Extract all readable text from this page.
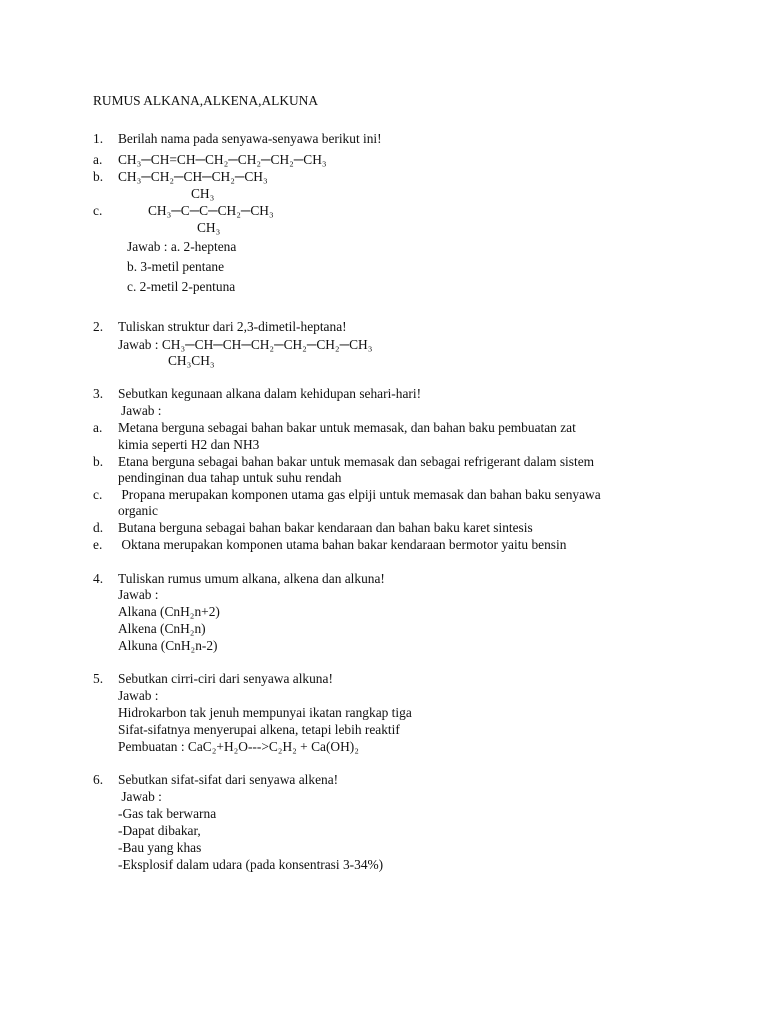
RUMUS ALKANA,ALKENA,ALKUNA
1. Berilah nama pada senyawa-senyawa berikut ini!
a. CH₃─CH=CH─CH₂─CH₂─CH₂─CH₃
b. CH₃─CH₂─CH─CH₂─CH₃
CH₃
c.	CH₃─C─C─CH₂─CH₃
CH₃
Jawab : a. 2-heptena
b. 3-metil pentane
c. 2-metil 2-pentuna
2. Tuliskan struktur dari 2,3-dimetil-heptana!
Jawab : CH₃─CH─CH─CH₂─CH₂─CH₂─CH₃
CH₃CH₃
3. Sebutkan kegunaan alkana dalam kehidupan sehari-hari!
Jawab :
a. Metana berguna sebagai bahan bakar untuk memasak, dan bahan baku pembuatan zat
kimia seperti H2 dan NH3
b. Etana berguna sebagai bahan bakar untuk memasak dan sebagai refrigerant dalam sistem
pendinginan dua tahap untuk suhu rendah
c. Propana merupakan komponen utama gas elpiji untuk memasak dan bahan baku senyawa
organic
d. Butana berguna sebagai bahan bakar kendaraan dan bahan baku karet sintesis
e. Oktana merupakan komponen utama bahan bakar kendaraan bermotor yaitu bensin
4. Tuliskan rumus umum alkana, alkena dan alkuna!
Jawab :
Alkana (CnH₂n+2)
Alkena (CnH₂n)
Alkuna (CnH₂n-2)
5. Sebutkan cirri-ciri dari senyawa alkuna!
Jawab :
Hidrokarbon tak jenuh mempunyai ikatan rangkap tiga
Sifat-sifatnya menyerupai alkena, tetapi lebih reaktif
Pembuatan : CaC₂+H₂O--->C₂H₂ + Ca(OH)₂
6. Sebutkan sifat-sifat dari senyawa alkena!
Jawab :
-Gas tak berwarna
-Dapat dibakar,
-Bau yang khas
-Eksplosif dalam udara (pada konsentrasi 3-34%)
